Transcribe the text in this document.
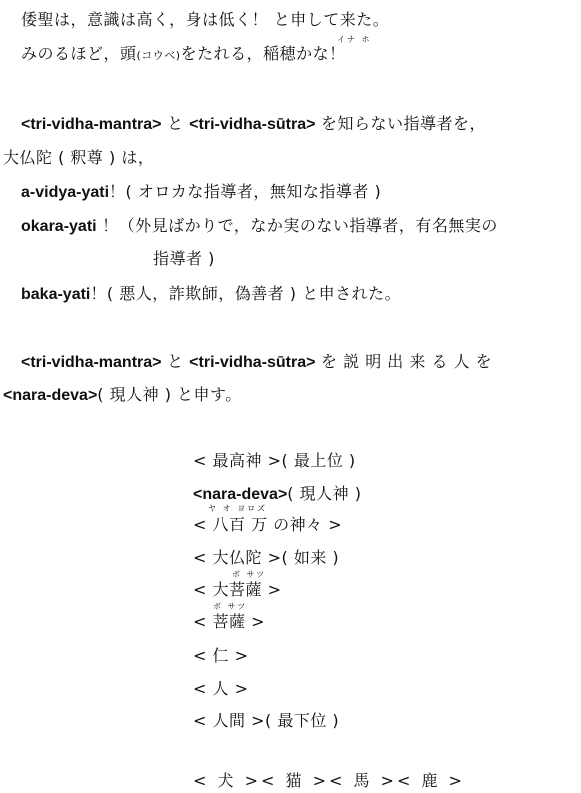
倭聖は，意識は高く，身は低く！ と申して来た。
イナ ホ
みのるほど，頭(コウベ)をたれる，稲穂かな！
<tri-vidha-mantra> と <tri-vidha-sūtra> を知らない指導者を，
大仏陀 ( 釈尊 ) は，
a-vidya-yati！( オロカな指導者，無知な指導者 )
okara-yati ！（外見ばかりで，なか実のない指導者，有名無実の
指導者 )
baka-yati！( 悪人，詐欺師，偽善者 ) と申された。
<tri-vidha-mantra> と <tri-vidha-sūtra> を 説 明 出 来 る 人 を
<nara-deva>( 現人神 ) と申す。
< 最高神 >( 最上位 )
<nara-deva>( 現人神 )
ヤ オ ヨロズ
< 八百 万 の神々 >
< 大仏陀 >( 如来 )
ボ サツ
< 大菩薩 >
ボ サツ
< 菩薩 >
< 仁 >
< 人 >
< 人間 >( 最下位 )
< 犬 >< 猫 >< 馬 >< 鹿 >
